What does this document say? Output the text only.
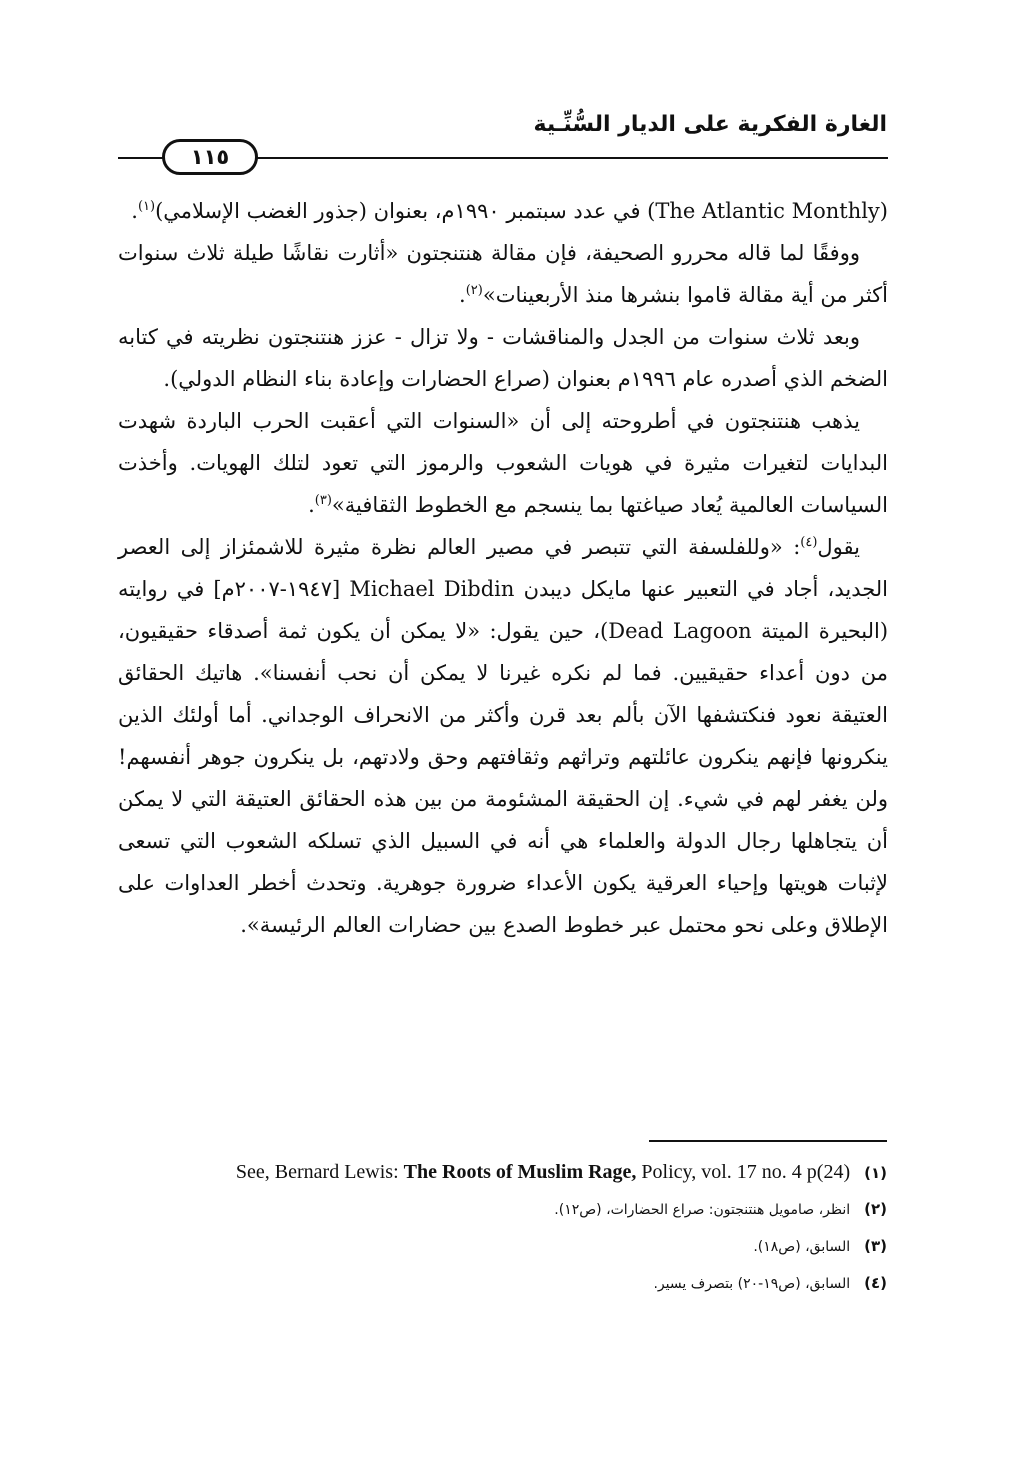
الغارة الفكرية على الديار السُّنِّـية
١١٥

(The Atlantic Monthly) في عدد سبتمبر ١٩٩٠م، بعنوان (جذور الغضب الإسلامي)$^{(١)}$.

ووفقًا لما قاله محررو الصحيفة، فإن مقالة هنتنجتون «أثارت نقاشًا طيلة ثلاث سنوات أكثر من أية مقالة قاموا بنشرها منذ الأربعينات»$^{(٢)}$.

وبعد ثلاث سنوات من الجدل والمناقشات - ولا تزال - عزز هنتنجتون نظريته في كتابه الضخم الذي أصدره عام ١٩٩٦م بعنوان (صراع الحضارات وإعادة بناء النظام الدولي).

يذهب هنتنجتون في أطروحته إلى أن «السنوات التي أعقبت الحرب الباردة شهدت البدايات لتغيرات مثيرة في هويات الشعوب والرموز التي تعود لتلك الهويات. وأخذت السياسات العالمية يُعاد صياغتها بما ينسجم مع الخطوط الثقافية»$^{(٣)}$.

يقول$^{(٤)}$: «وللفلسفة التي تتبصر في مصير العالم نظرة مثيرة للاشمئزاز إلى العصر الجديد، أجاد في التعبير عنها مايكل ديبدن Michael Dibdin [١٩٤٧-٢٠٠٧م] في روايته (البحيرة الميتة Dead Lagoon)، حين يقول: «لا يمكن أن يكون ثمة أصدقاء حقيقيون، من دون أعداء حقيقيين. فما لم نكره غيرنا لا يمكن أن نحب أنفسنا». هاتيك الحقائق العتيقة نعود فنكتشفها الآن بألم بعد قرن وأكثر من الانحراف الوجداني. أما أولئك الذين ينكرونها فإنهم ينكرون عائلتهم وتراثهم وثقافتهم وحق ولادتهم، بل ينكرون جوهر أنفسهم! ولن يغفر لهم في شيء. إن الحقيقة المشئومة من بين هذه الحقائق العتيقة التي لا يمكن أن يتجاهلها رجال الدولة والعلماء هي أنه في السبيل الذي تسلكه الشعوب التي تسعى لإثبات هويتها وإحياء العرقية يكون الأعداء ضرورة جوهرية. وتحدث أخطر العداوات على الإطلاق وعلى نحو محتمل عبر خطوط الصدع بين حضارات العالم الرئيسة».

(١)
See, Bernard Lewis: The Roots of Muslim Rage, Policy, vol. 17 no. 4 p(24)
(٢)
انظر، صامويل هنتنجتون: صراع الحضارات، (ص١٢).
(٣)
السابق، (ص١٨).
(٤)
السابق، (ص١٩-٢٠) بتصرف يسير.
